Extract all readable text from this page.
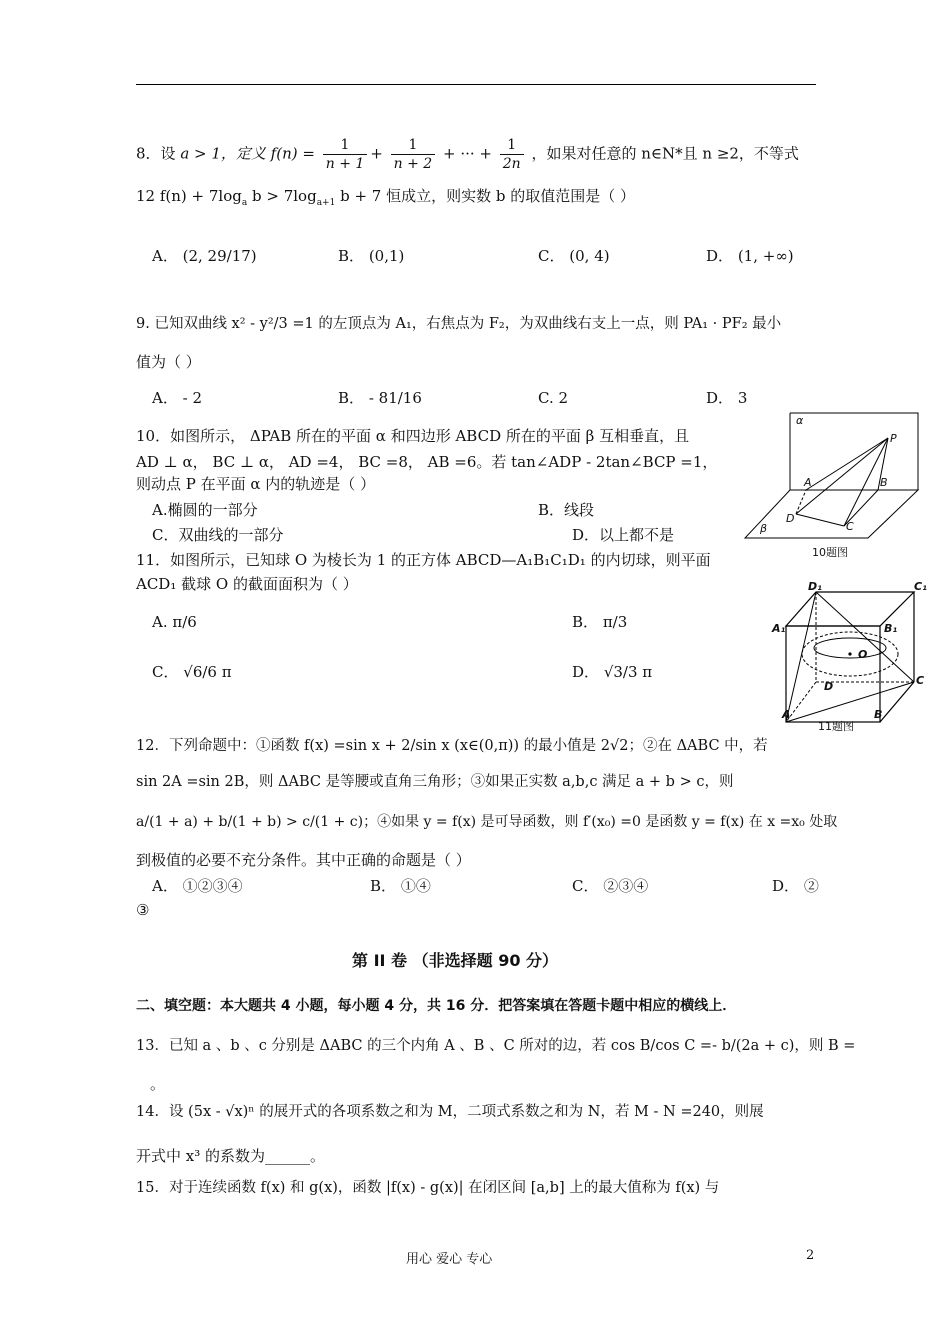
8．设 a > 1，定义 $f(n) = \frac{1}{n + 1} + \frac{1}{n + 2}$ + ··· + $\frac{1}{2n}$ ，如果对任意的 n∈N*且 n ≥2，不等式
12 $f(n) + 7\log_a$ $b > 7\log_{a+1}$ b + 7 恒成立，则实数 b 的取值范围是（ ）
A． (2, 29/17)	B． (0,1)	C． (0, 4)	D． (1, +∞)
9. 已知双曲线 x² - y²/3 =1 的左顶点为 A₁，右焦点为 F₂，为双曲线右支上一点，则 PA₁ · PF₂ 最小
值为（ ）
A． - 2	B． - 81/16	C. 2	D． 3
10．如图所示， ΔPAB 所在的平面 α 和四边形 ABCD 所在的平面 β 互相垂直，且
AD ⊥ α， BC ⊥ α， AD =4， BC =8， AB =6。若 tan∠ADP - 2tan∠BCP =1，
则动点 P 在平面 α 内的轨迹是（ ）
A.椭圆的一部分	B．线段
C．双曲线的一部分	D．以上都不是
α
P
A	B
D
C
β
10题图
11．如图所示，已知球 O 为棱长为 1 的正方体 ABCD—A₁B₁C₁D₁ 的内切球，则平面
ACD₁ 截球 O 的截面面积为（ ）
A. π/6	B． π/3
C． √6/6 π	D． √3/3 π
D₁	C₁
A₁	B₁
O
D	C
A	B
11题图
12．下列命题中：①函数 f(x) =sin x + 2/sin x (x∈(0,π)) 的最小值是 2√2；②在 ΔABC 中，若
sin 2A =sin 2B，则 ΔABC 是等腰或直角三角形；③如果正实数 a,b,c 满足 a + b > c，则
a/(1 + a) + b/(1 + b) > c/(1 + c)；④如果 y = f(x) 是可导函数，则 f′(x₀) =0 是函数 y = f(x) 在 x =x₀ 处取
到极值的必要不充分条件。其中正确的命题是（ ）
A． ①②③④	B． ①④	C． ②③④	D． ②
③
第 II 卷 （非选择题 90 分）
二、填空题：本大题共 4 小题，每小题 4 分，共 16 分．把答案填在答题卡题中相应的横线上．
13．已知 a 、b 、c 分别是 ΔABC 的三个内角 A 、B 、C 所对的边，若 cos B/cos C =- b/(2a + c)，则 B =
。
14．设 (5x - √x)ⁿ 的展开式的各项系数之和为 M，二项式系数之和为 N，若 M - N =240，则展
开式中 x³ 的系数为______。
15．对于连续函数 f(x) 和 g(x)，函数 |f(x) - g(x)| 在闭区间 [a,b] 上的最大值称为 f(x) 与
用心 爱心 专心	2
